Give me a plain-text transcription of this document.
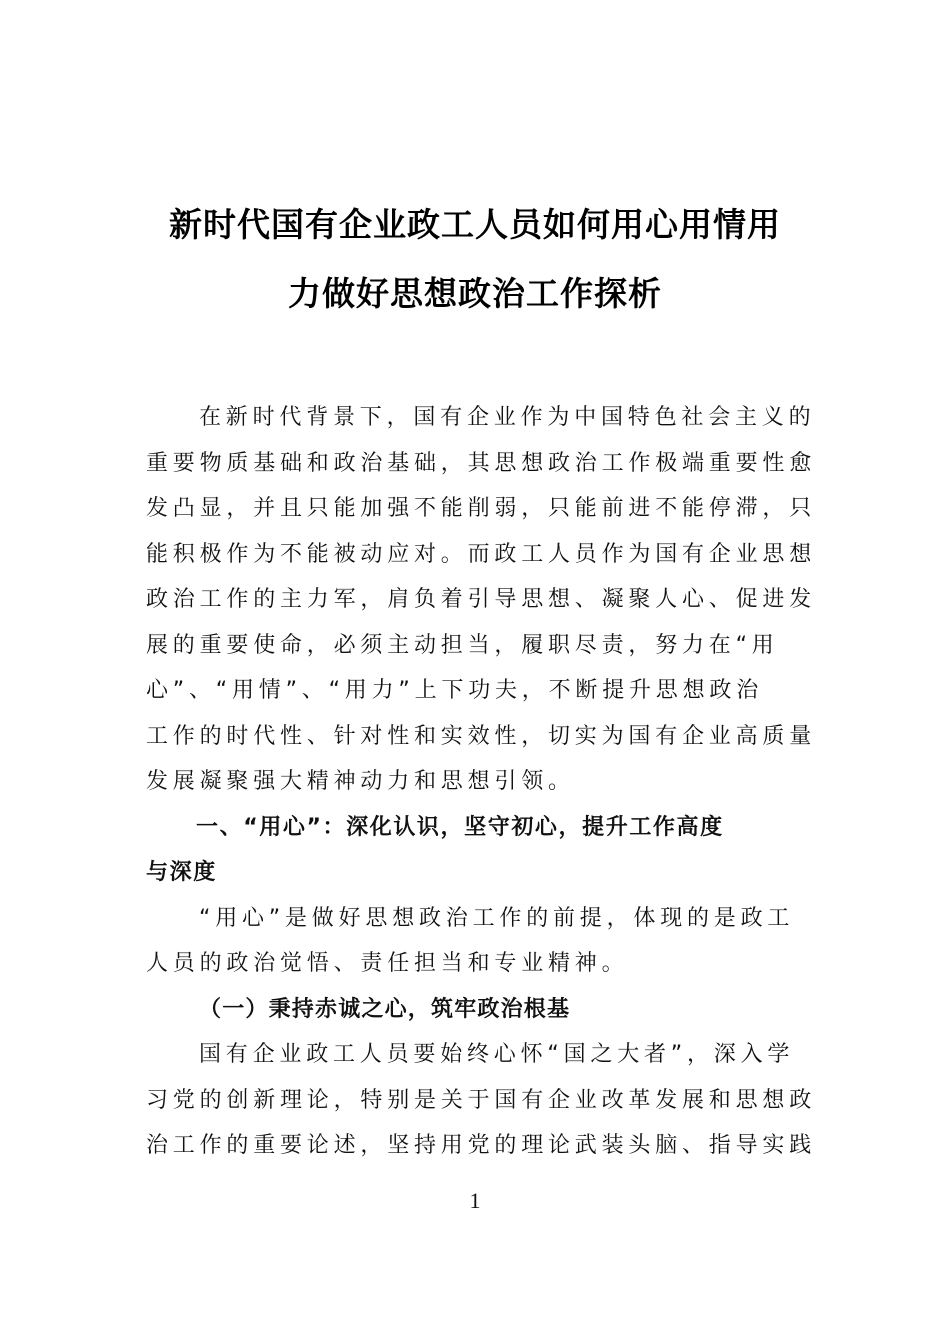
新时代国有企业政工人员如何用心用情用
力做好思想政治工作探析
在新时代背景下，国有企业作为中国特色社会主义的
重要物质基础和政治基础，其思想政治工作极端重要性愈
发凸显，并且只能加强不能削弱，只能前进不能停滞，只
能积极作为不能被动应对。而政工人员作为国有企业思想
政治工作的主力军，肩负着引导思想、凝聚人心、促进发
展的重要使命，必须主动担当，履职尽责，努力在“用
心”、“用情”、“用力”上下功夫，不断提升思想政治
工作的时代性、针对性和实效性，切实为国有企业高质量
发展凝聚强大精神动力和思想引领。
一、“用心”：深化认识，坚守初心，提升工作高度
与深度
“用心”是做好思想政治工作的前提，体现的是政工
人员的政治觉悟、责任担当和专业精神。
（一）秉持赤诚之心，筑牢政治根基
国有企业政工人员要始终心怀“国之大者”，深入学
习党的创新理论，特别是关于国有企业改革发展和思想政
治工作的重要论述，坚持用党的理论武装头脑、指导实践
1
